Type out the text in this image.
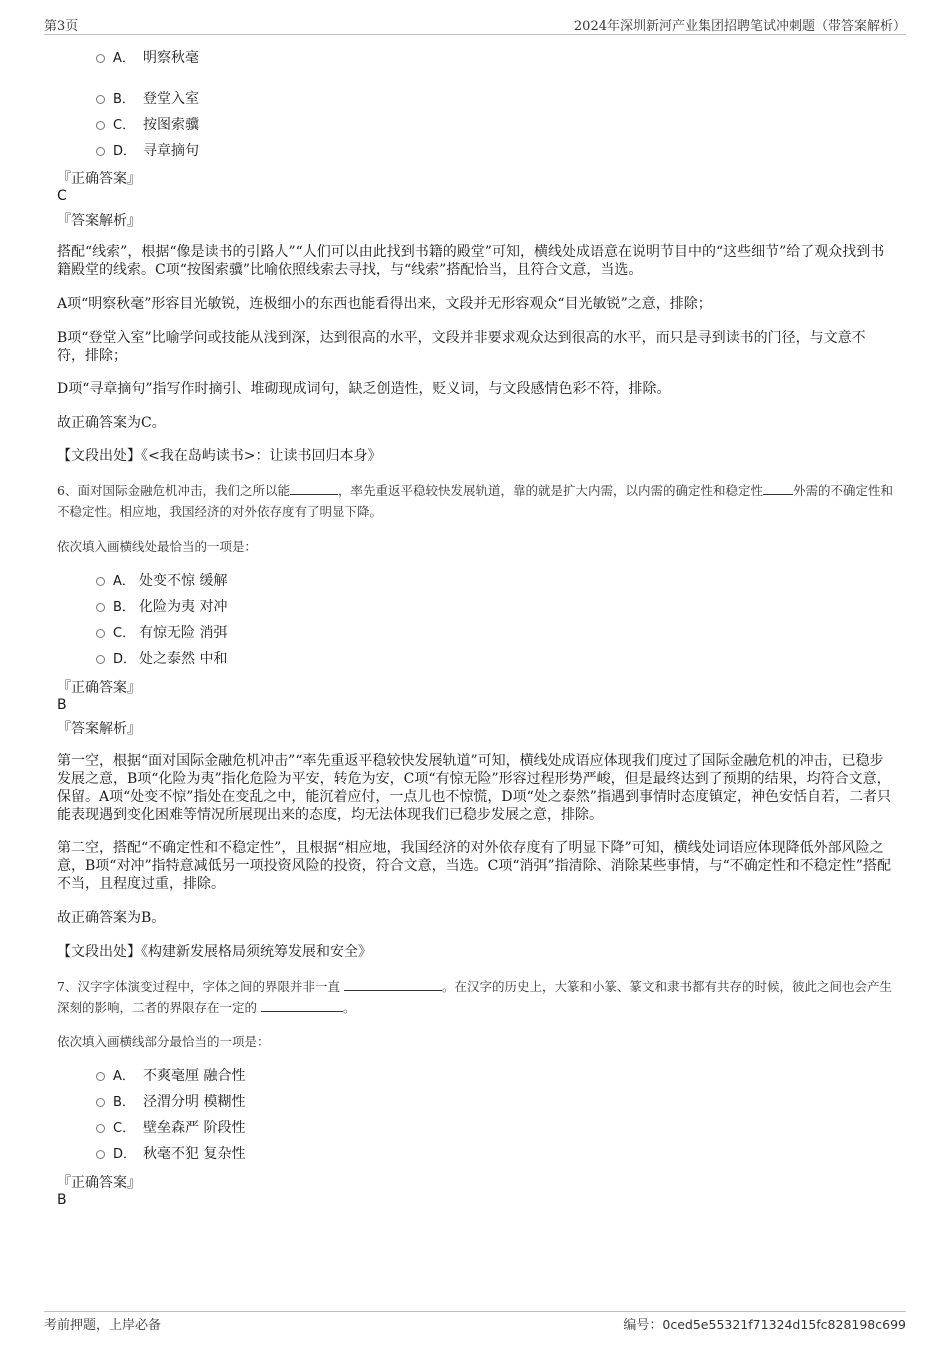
第3页	2024年深圳新河产业集团招聘笔试冲刺题（带答案解析）
A． 明察秋毫
B． 登堂入室
C． 按图索骥
D． 寻章摘句
『正确答案』
C
『答案解析』
搭配“线索”，根据“像是读书的引路人”“人们可以由此找到书籍的殿堂”可知，横线处成语意在说明节目中的“这些细节”给了观众找到书籍殿堂的线索。C项“按图索骥”比喻依照线索去寻找，与“线索”搭配恰当，且符合文意，当选。
A项“明察秋毫”形容目光敏锐，连极细小的东西也能看得出来，文段并无形容观众“目光敏锐”之意，排除；
B项“登堂入室”比喻学问或技能从浅到深，达到很高的水平，文段并非要求观众达到很高的水平，而只是寻到读书的门径，与文意不符，排除；
D项“寻章摘句”指写作时摘引、堆砌现成词句，缺乏创造性，贬义词，与文段感情色彩不符，排除。
故正确答案为C。
【文段出处】《<我在岛屿读书>：让读书回归本身》
6、面对国际金融危机冲击，我们之所以能	，率先重返平稳较快发展轨道，靠的就是扩大内需，以内需的确定性和稳定性 外需的不确定性和不稳定性。相应地，我国经济的对外依存度有了明显下降。
依次填入画横线处最恰当的一项是：
A． 处变不惊 缓解
B． 化险为夷 对冲
C． 有惊无险 消弭
D． 处之泰然 中和
『正确答案』
B
『答案解析』
第一空，根据“面对国际金融危机冲击”“率先重返平稳较快发展轨道”可知，横线处成语应体现我们度过了国际金融危机的冲击，已稳步发展之意，B项“化险为夷”指化危险为平安，转危为安，C项“有惊无险”形容过程形势严峻，但是最终达到了预期的结果，均符合文意，保留。A项“处变不惊”指处在变乱之中，能沉着应付，一点儿也不惊慌，D项“处之泰然”指遇到事情时态度镇定，神色安恬自若，二者只能表现遇到变化困难等情况所展现出来的态度，均无法体现我们已稳步发展之意，排除。
第二空，搭配“不确定性和不稳定性”，且根据“相应地，我国经济的对外依存度有了明显下降”可知，横线处词语应体现降低外部风险之意，B项“对冲”指特意减低另一项投资风险的投资，符合文意，当选。C项“消弭”指清除、消除某些事情，与“不确定性和不稳定性”搭配不当，且程度过重，排除。
故正确答案为B。
【文段出处】《构建新发展格局须统筹发展和安全》
7、汉字字体演变过程中，字体之间的界限并非一直	。在汉字的历史上，大篆和小篆、篆文和隶书都有共存的时候，彼此之间也会产生深刻的影响，二者的界限存在一定的	。
依次填入画横线部分最恰当的一项是：
A． 不爽毫厘 融合性
B． 泾渭分明 模糊性
C． 壁垒森严 阶段性
D． 秋毫不犯 复杂性
『正确答案』
B
考前押题，上岸必备	编号：0ced5e55321f71324d15fc828198c699
